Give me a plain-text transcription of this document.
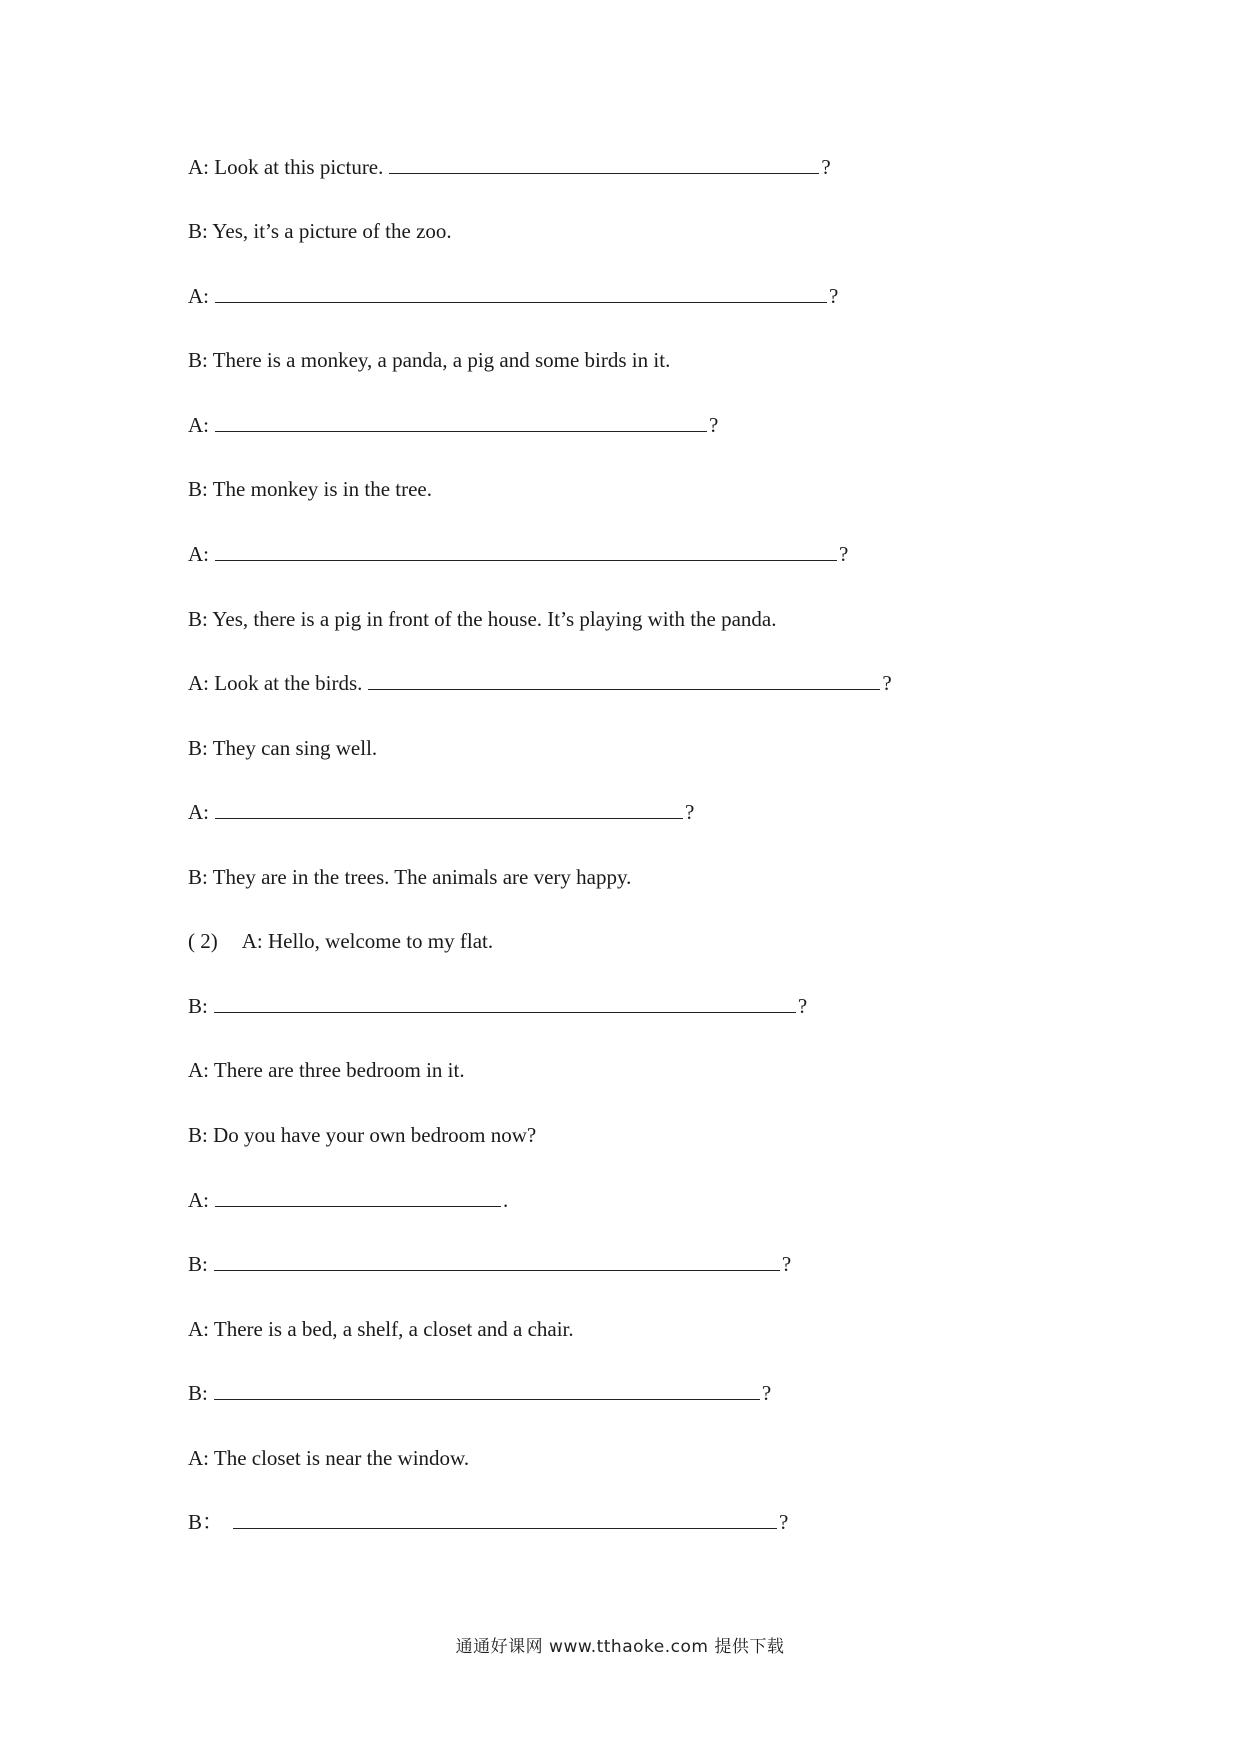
A: Look at this picture.	?
B: Yes, it’s a picture of the zoo.
A:	?
B: There is a monkey, a panda, a pig and some birds in it.
A:	?
B: The monkey is in the tree.
A:	?
B: Yes, there is a pig in front of the house. It’s playing with the panda.
A: Look at the birds.	?
B: They can sing well.
A:	?
B: They are in the trees. The animals are very happy.
( 2) A: Hello, welcome to my flat.
B:	?
A: There are three bedroom in it.
B: Do you have your own bedroom now?
A:	.
B:	?
A: There is a bed, a shelf, a closet and a chair.
B:	?
A: The closet is near the window.
B：	?
通通好课网 www.tthaoke.com 提供下载
